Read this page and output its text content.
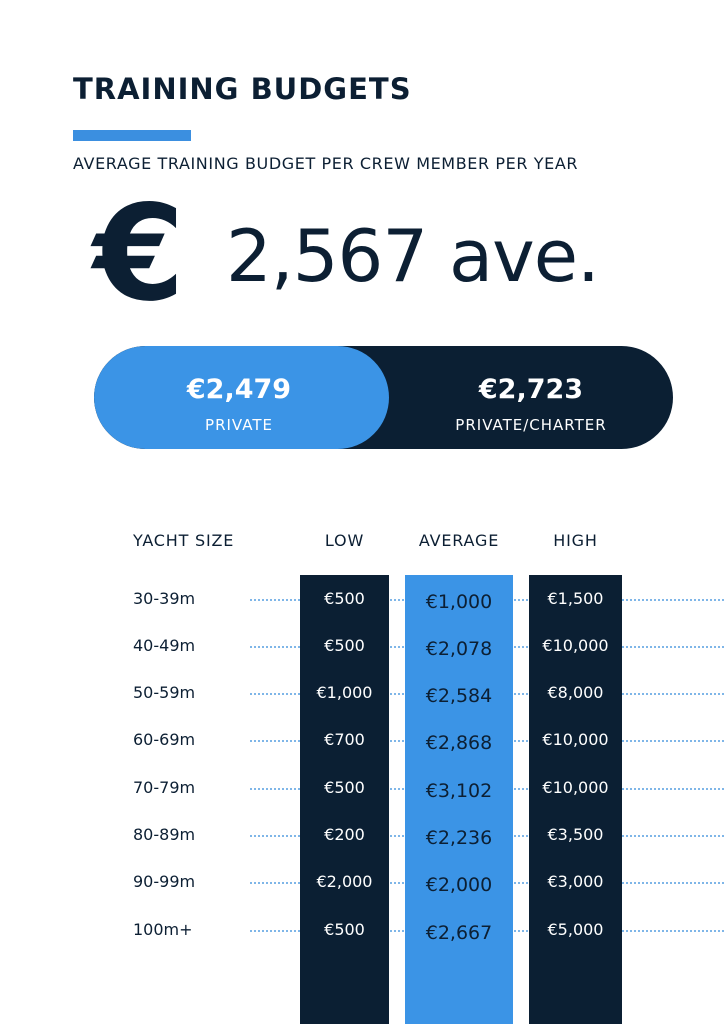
TRAINING BUDGETS
AVERAGE TRAINING BUDGET PER CREW MEMBER PER YEAR
€ 2,567 ave.
€2,479
PRIVATE
€2,723
PRIVATE/CHARTER
YACHT SIZE	LOW	AVERAGE	HIGH
30-39m	€500	€1,000	€1,500
40-49m	€500	€2,078	€10,000
50-59m	€1,000	€2,584	€8,000
60-69m	€700	€2,868	€10,000
70-79m	€500	€3,102	€10,000
80-89m	€200	€2,236	€3,500
90-99m	€2,000	€2,000	€3,000
100m+	€500	€2,667	€5,000
